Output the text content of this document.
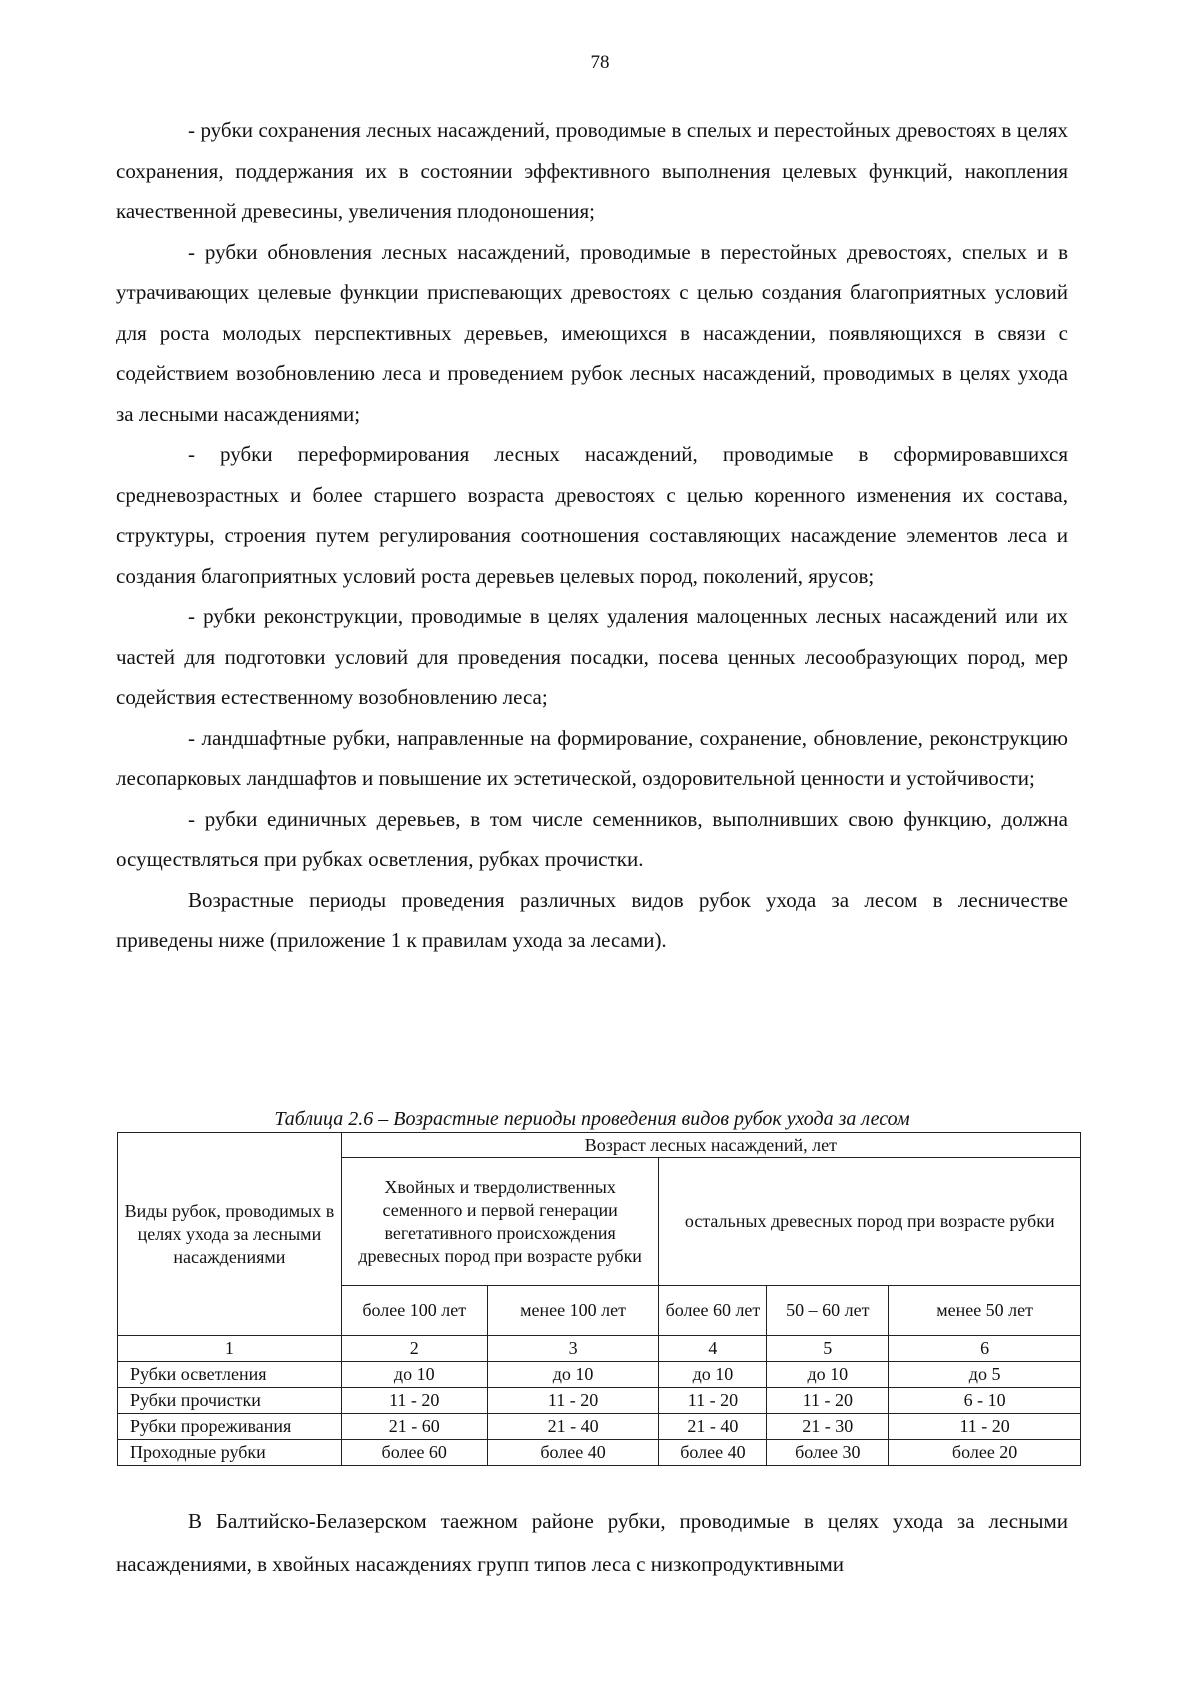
78

- рубки сохранения лесных насаждений, проводимые в спелых и перестойных древостоях в целях сохранения, поддержания их в состоянии эффективного выполнения целевых функций, накопления качественной древесины, увеличения плодоношения;

- рубки обновления лесных насаждений, проводимые в перестойных древостоях, спелых и в утрачивающих целевые функции приспевающих древостоях с целью создания благоприятных условий для роста молодых перспективных деревьев, имеющихся в насаждении, появляющихся в связи с содействием возобновлению леса и проведением рубок лесных насаждений, проводимых в целях ухода за лесными насаждениями;

- рубки переформирования лесных насаждений, проводимые в сформировавшихся средневозрастных и более старшего возраста древостоях с целью коренного изменения их состава, структуры, строения путем регулирования соотношения составляющих насаждение элементов леса и создания благоприятных условий роста деревьев целевых пород, поколений, ярусов;

- рубки реконструкции, проводимые в целях удаления малоценных лесных насаждений или их частей для подготовки условий для проведения посадки, посева ценных лесообразующих пород, мер содействия естественному возобновлению леса;

- ландшафтные рубки, направленные на формирование, сохранение, обновление, реконструкцию лесопарковых ландшафтов и повышение их эстетической, оздоровительной ценности и устойчивости;

- рубки единичных деревьев, в том числе семенников, выполнивших свою функцию, должна осуществляться при рубках осветления, рубках прочистки.

Возрастные периоды проведения различных видов рубок ухода за лесом в лесничестве приведены ниже (приложение 1 к правилам ухода за лесами).

Таблица 2.6 – Возрастные периоды проведения видов рубок ухода за лесом
Виды рубок, проводимых в целях ухода за лесными насаждениями	Возраст лесных насаждений, лет				
	Хвойных и твердолиственных семенного и первой генерации вегетативного происхождения древесных пород при возрасте рубки		остальных древесных пород при возрасте рубки		
	более 100 лет	менее 100 лет	более 60 лет	50 – 60 лет	менее 50 лет
1	2	3	4	5	6
Рубки осветления	до 10	до 10	до 10	до 10	до 5
Рубки прочистки	11 - 20	11 - 20	11 - 20	11 - 20	6 - 10
Рубки прореживания	21 - 60	21 - 40	21 - 40	21 - 30	11 - 20
Проходные рубки	более 60	более 40	более 40	более 30	более 20

В Балтийско-Белазерском таежном районе рубки, проводимые в целях ухода за лесными насаждениями, в хвойных насаждениях групп типов леса с низкопродуктивными
